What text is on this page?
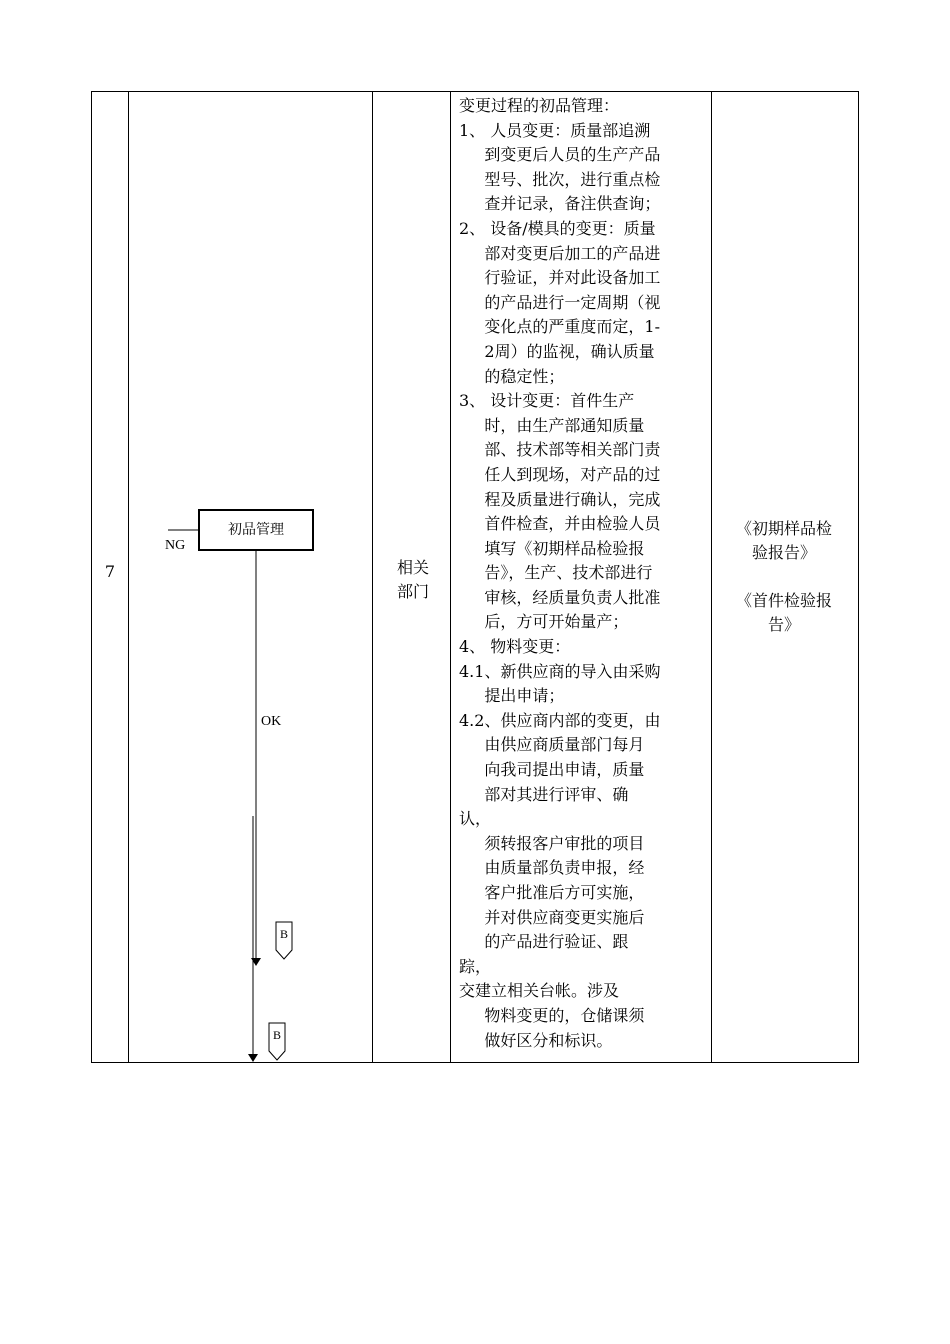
7
初品管理
NG
OK
B
B
相关
部门
变更过程的初品管理：
1、 人员变更：质量部追溯
到变更后人员的生产产品
型号、批次，进行重点检
查并记录，备注供查询；
2、 设备/模具的变更：质量
部对变更后加工的产品进
行验证，并对此设备加工
的产品进行一定周期（视
变化点的严重度而定，1-
2周）的监视，确认质量
的稳定性；
3、 设计变更：首件生产
时，由生产部通知质量
部、技术部等相关部门责
任人到现场，对产品的过
程及质量进行确认，完成
首件检查，并由检验人员
填写《初期样品检验报
告》，生产、技术部进行
审核，经质量负责人批准
后，方可开始量产；
4、 物料变更：
4.1、新供应商的导入由采购
提出申请；
4.2、供应商内部的变更，由
由供应商质量部门每月
向我司提出申请，质量
部对其进行评审、确
认，
须转报客户审批的项目
由质量部负责申报，经
客户批准后方可实施，
并对供应商变更实施后
的产品进行验证、跟
踪，
交建立相关台帐。涉及
物料变更的，仓储课须
做好区分和标识。
《初期样品检
验报告》
《首件检验报
告》
